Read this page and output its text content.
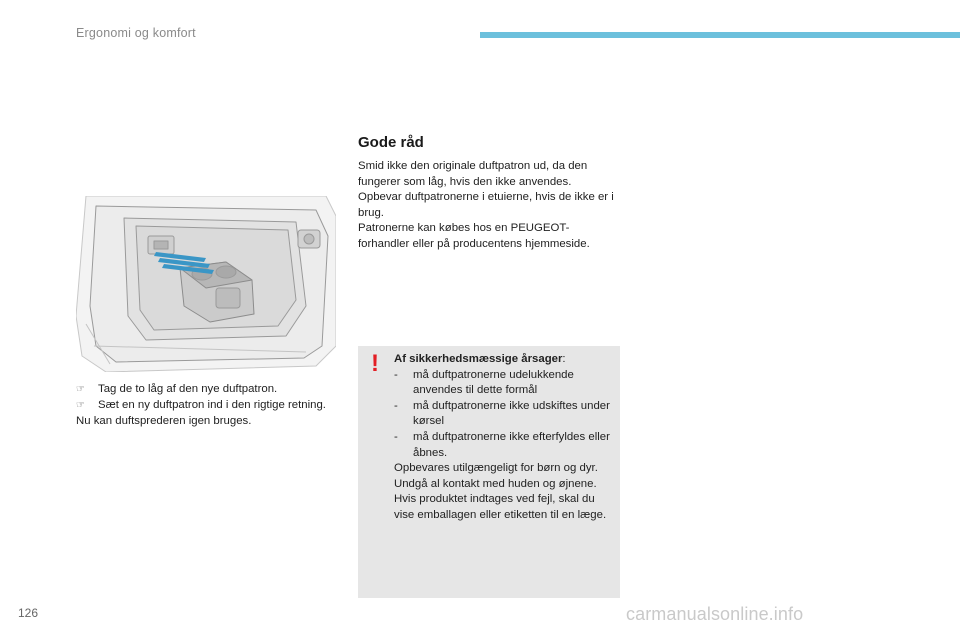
Ergonomi og komfort
☞ Tag de to låg af den nye duftpatron.
☞ Sæt en ny duftpatron ind i den rigtige retning.
Nu kan duftsprederen igen bruges.
Gode råd

Smid ikke den originale duftpatron ud, da den fungerer som låg, hvis den ikke anvendes.

Opbevar duftpatronerne i etuierne, hvis de ikke er i brug.

Patronerne kan købes hos en PEUGEOT-forhandler eller på producentens hjemmeside.

! Af sikkerhedsmæssige årsager:
- må duftpatronerne udelukkende anvendes til dette formål
- må duftpatronerne ikke udskiftes under kørsel
- må duftpatronerne ikke efterfyldes eller åbnes.

Opbevares utilgængeligt for børn og dyr.

Undgå al kontakt med huden og øjnene.

Hvis produktet indtages ved fejl, skal du vise emballagen eller etiketten til en læge.

126	carmanualsonline.info
